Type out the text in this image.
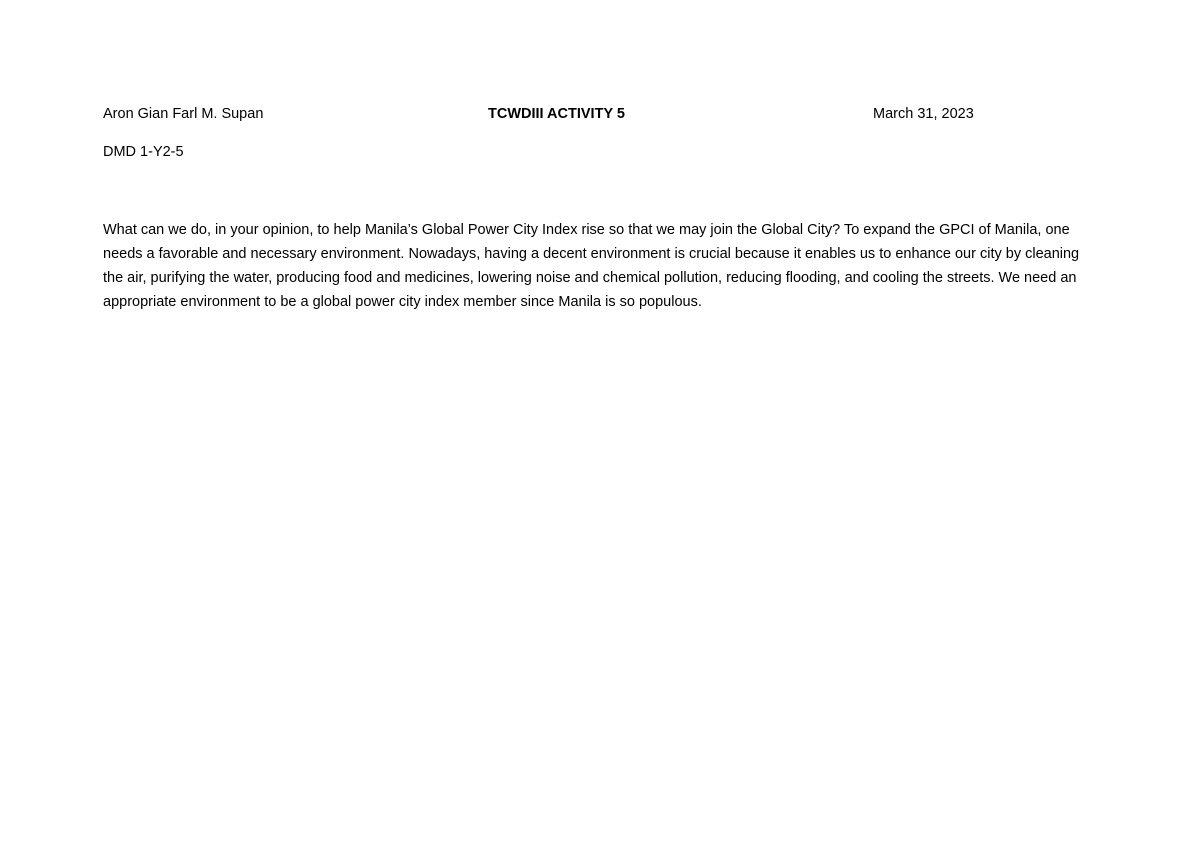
Aron Gian Farl M. Supan	TCWDIII ACTIVITY 5	March 31, 2023
DMD 1-Y2-5

What can we do, in your opinion, to help Manila’s Global Power City Index rise so that we may join the Global City? To expand the GPCI of Manila, one needs a favorable and necessary environment. Nowadays, having a decent environment is crucial because it enables us to enhance our city by cleaning the air, purifying the water, producing food and medicines, lowering noise and chemical pollution, reducing flooding, and cooling the streets. We need an appropriate environment to be a global power city index member since Manila is so populous.
